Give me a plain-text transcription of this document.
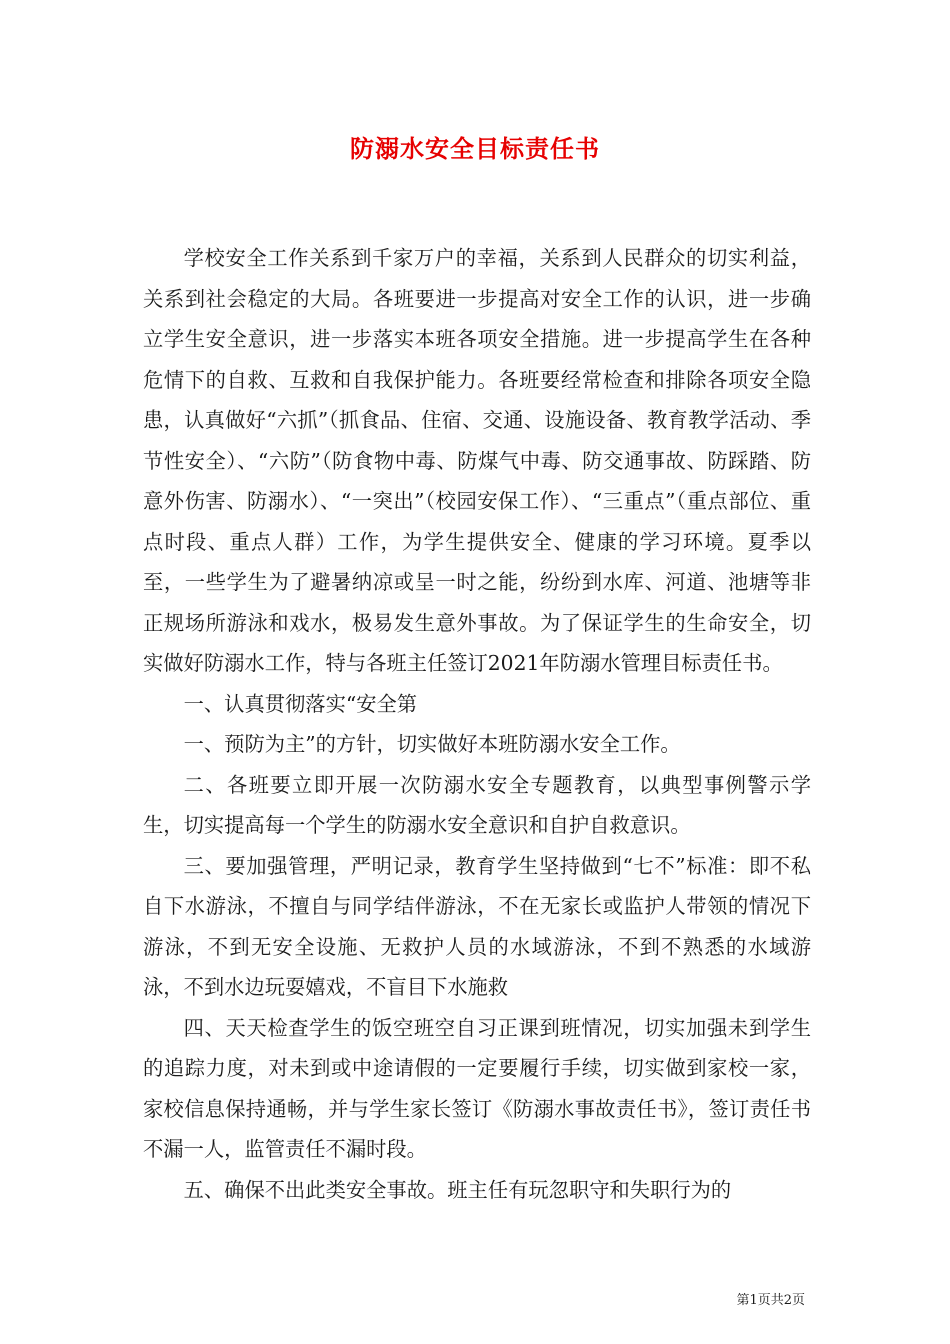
防溺水安全目标责任书

学校安全工作关系到千家万户的幸福，关系到人民群众的切实利益，关系到社会稳定的大局。各班要进一步提高对安全工作的认识，进一步确立学生安全意识，进一步落实本班各项安全措施。进一步提高学生在各种危情下的自救、互救和自我保护能力。各班要经常检查和排除各项安全隐患，认真做好“六抓”（抓食品、住宿、交通、设施设备、教育教学活动、季节性安全）、“六防”（防食物中毒、防煤气中毒、防交通事故、防踩踏、防意外伤害、防溺水）、“一突出”（校园安保工作）、“三重点”（重点部位、重点时段、重点人群）工作，为学生提供安全、健康的学习环境。夏季以至，一些学生为了避暑纳凉或呈一时之能，纷纷到水库、河道、池塘等非正规场所游泳和戏水，极易发生意外事故。为了保证学生的生命安全，切实做好防溺水工作，特与各班主任签订2021年防溺水管理目标责任书。

一、认真贯彻落实“安全第

一、预防为主”的方针，切实做好本班防溺水安全工作。

二、各班要立即开展一次防溺水安全专题教育，以典型事例警示学生，切实提高每一个学生的防溺水安全意识和自护自救意识。

三、要加强管理，严明记录，教育学生坚持做到“七不”标准：即不私自下水游泳，不擅自与同学结伴游泳，不在无家长或监护人带领的情况下游泳，不到无安全设施、无救护人员的水域游泳，不到不熟悉的水域游泳，不到水边玩耍嬉戏，不盲目下水施救

四、天天检查学生的饭空班空自习正课到班情况，切实加强未到学生的追踪力度，对未到或中途请假的一定要履行手续，切实做到家校一家，家校信息保持通畅，并与学生家长签订《防溺水事故责任书》，签订责任书不漏一人，监管责任不漏时段。

五、确保不出此类安全事故。班主任有玩忽职守和失职行为的

第1页共2页
